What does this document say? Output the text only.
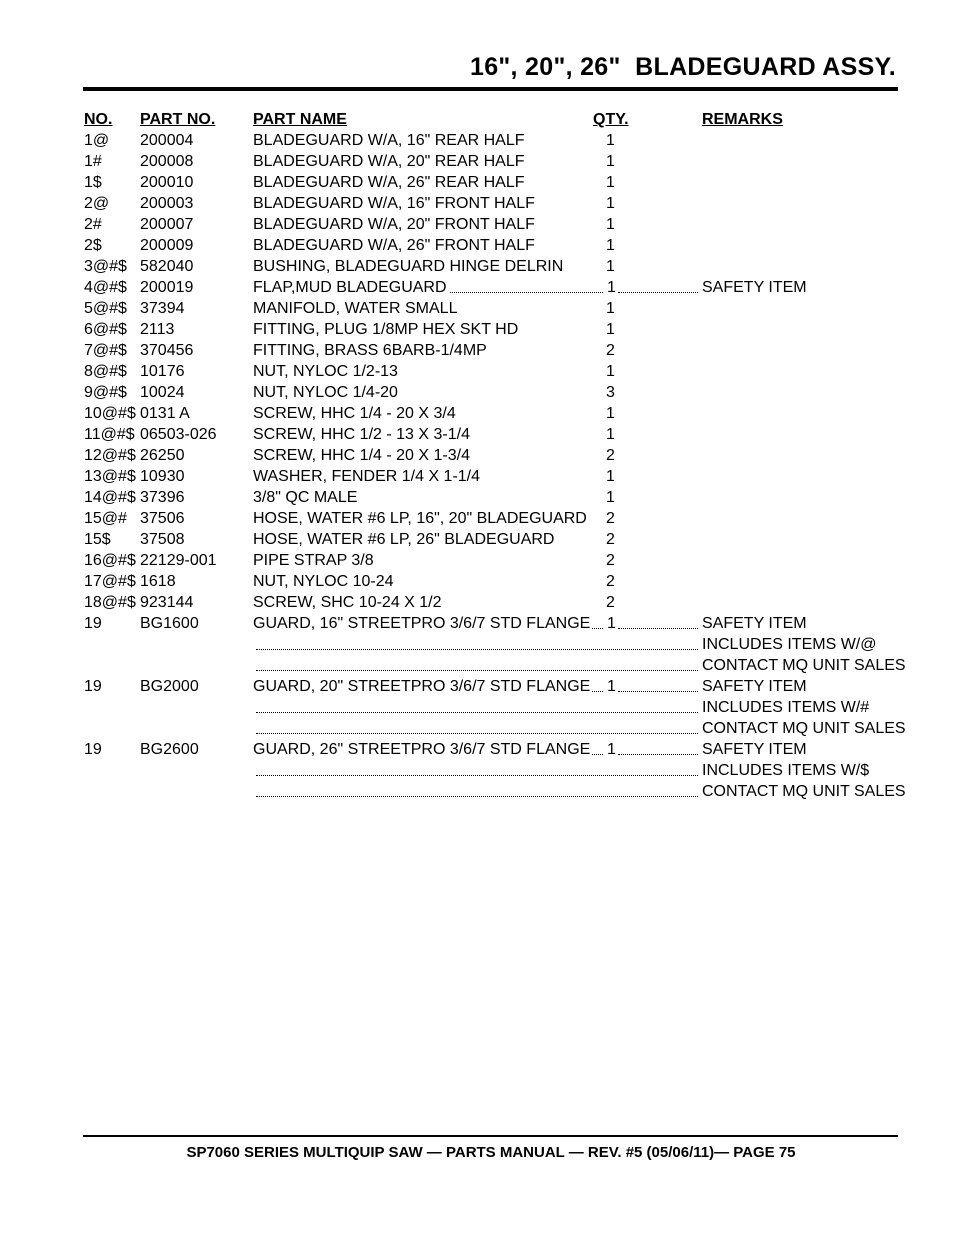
16", 20", 26"  BLADEGUARD ASSY.
NO. PART NO. PART NAME	QTY.	REMARKS
1@ 200004	BLADEGUARD W/A, 16" REAR HALF	1
1# 200008	BLADEGUARD W/A, 20" REAR HALF	1
1$ 200010	BLADEGUARD W/A, 26" REAR HALF	1
2@ 200003	BLADEGUARD W/A, 16" FRONT HALF	1
2# 200007	BLADEGUARD W/A, 20" FRONT HALF	1
2$ 200009	BLADEGUARD W/A, 26" FRONT HALF	1
3@#$ 582040	BUSHING, BLADEGUARD HINGE DELRIN	1
4@#$ 200019	FLAP,MUD BLADEGUARD	1	SAFETY ITEM
5@#$ 37394	MANIFOLD, WATER SMALL	1
6@#$ 2113	FITTING, PLUG 1/8MP HEX SKT HD	1
7@#$ 370456	FITTING, BRASS 6BARB-1/4MP	2
8@#$ 10176	NUT, NYLOC 1/2-13	1
9@#$ 10024	NUT, NYLOC 1/4-20	3
10@#$ 0131 A	SCREW, HHC 1/4 - 20 X 3/4	1
11@#$ 06503-026 SCREW, HHC 1/2 - 13 X 3-1/4	1
12@#$ 26250	SCREW, HHC 1/4 - 20 X 1-3/4	2
13@#$ 10930	WASHER, FENDER 1/4 X 1-1/4	1
14@#$ 37396	3/8" QC MALE	1
15@# 37506	HOSE, WATER #6 LP, 16", 20" BLADEGUARD 2
15$ 37508	HOSE, WATER #6 LP, 26" BLADEGUARD	2
16@#$ 22129-001 PIPE STRAP 3/8	2
17@#$ 1618	NUT, NYLOC 10-24	2
18@#$ 923144	SCREW, SHC 10-24 X 1/2	2
19 BG1600	GUARD, 16" STREETPRO 3/6/7 STD FLANGE 1	SAFETY ITEM
INCLUDES ITEMS W/@
CONTACT MQ UNIT SALES
19 BG2000	GUARD, 20" STREETPRO 3/6/7 STD FLANGE 1	SAFETY ITEM
INCLUDES ITEMS W/#
CONTACT MQ UNIT SALES
19 BG2600	GUARD, 26" STREETPRO 3/6/7 STD FLANGE 1	SAFETY ITEM
INCLUDES ITEMS W/$
CONTACT MQ UNIT SALES
SP7060 SERIES MULTIQUIP SAW — PARTS MANUAL — REV. #5 (05/06/11)— PAGE 75
